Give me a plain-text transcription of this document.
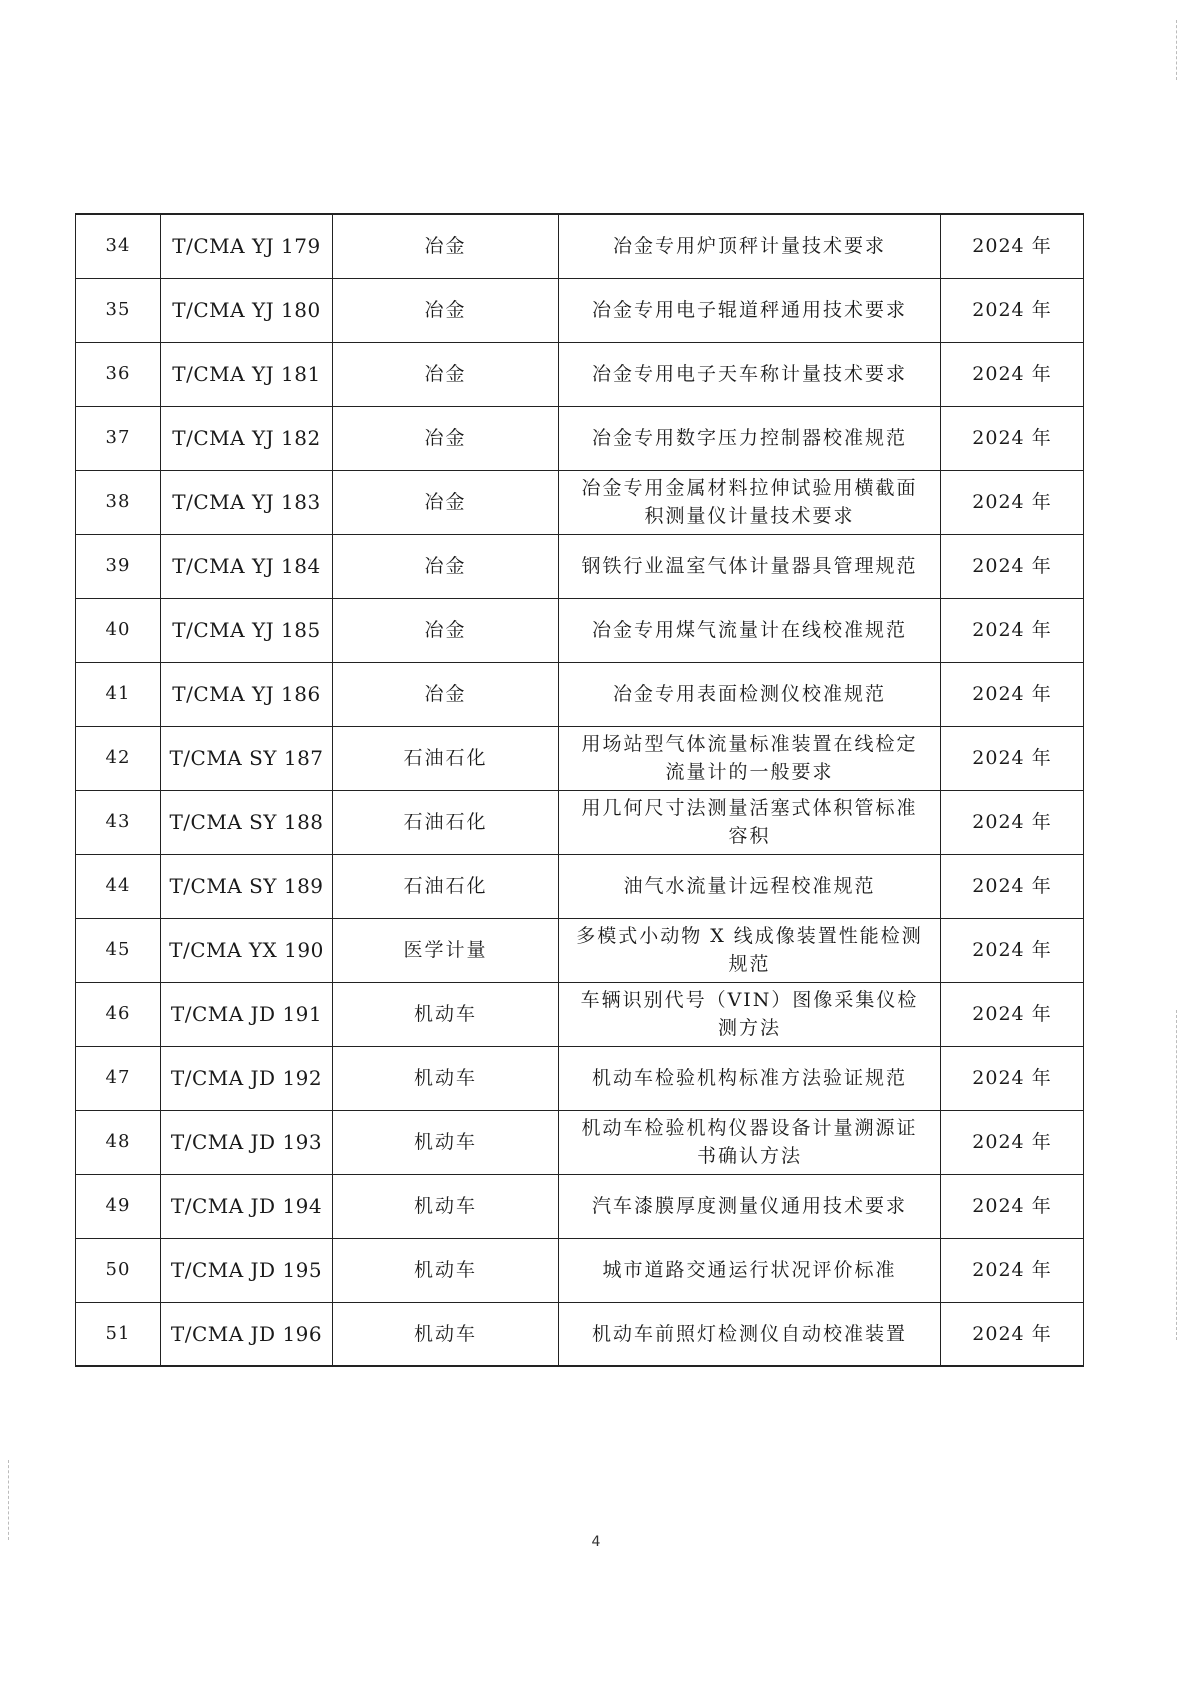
34	T/CMA YJ 179	冶金	冶金专用炉顶秤计量技术要求	2024 年
35	T/CMA YJ 180	冶金	冶金专用电子辊道秤通用技术要求	2024 年
36	T/CMA YJ 181	冶金	冶金专用电子天车称计量技术要求	2024 年
37	T/CMA YJ 182	冶金	冶金专用数字压力控制器校准规范	2024 年
38	T/CMA YJ 183	冶金	冶金专用金属材料拉伸试验用横截面积测量仪计量技术要求	2024 年
39	T/CMA YJ 184	冶金	钢铁行业温室气体计量器具管理规范	2024 年
40	T/CMA YJ 185	冶金	冶金专用煤气流量计在线校准规范	2024 年
41	T/CMA YJ 186	冶金	冶金专用表面检测仪校准规范	2024 年
42	T/CMA SY 187	石油石化	用场站型气体流量标准装置在线检定流量计的一般要求	2024 年
43	T/CMA SY 188	石油石化	用几何尺寸法测量活塞式体积管标准容积	2024 年
44	T/CMA SY 189	石油石化	油气水流量计远程校准规范	2024 年
45	T/CMA YX 190	医学计量	多模式小动物 X 线成像装置性能检测规范	2024 年
46	T/CMA JD 191	机动车	车辆识别代号（VIN）图像采集仪检测方法	2024 年
47	T/CMA JD 192	机动车	机动车检验机构标准方法验证规范	2024 年
48	T/CMA JD 193	机动车	机动车检验机构仪器设备计量溯源证书确认方法	2024 年
49	T/CMA JD 194	机动车	汽车漆膜厚度测量仪通用技术要求	2024 年
50	T/CMA JD 195	机动车	城市道路交通运行状况评价标准	2024 年
51	T/CMA JD 196	机动车	机动车前照灯检测仪自动校准装置	2024 年
4
